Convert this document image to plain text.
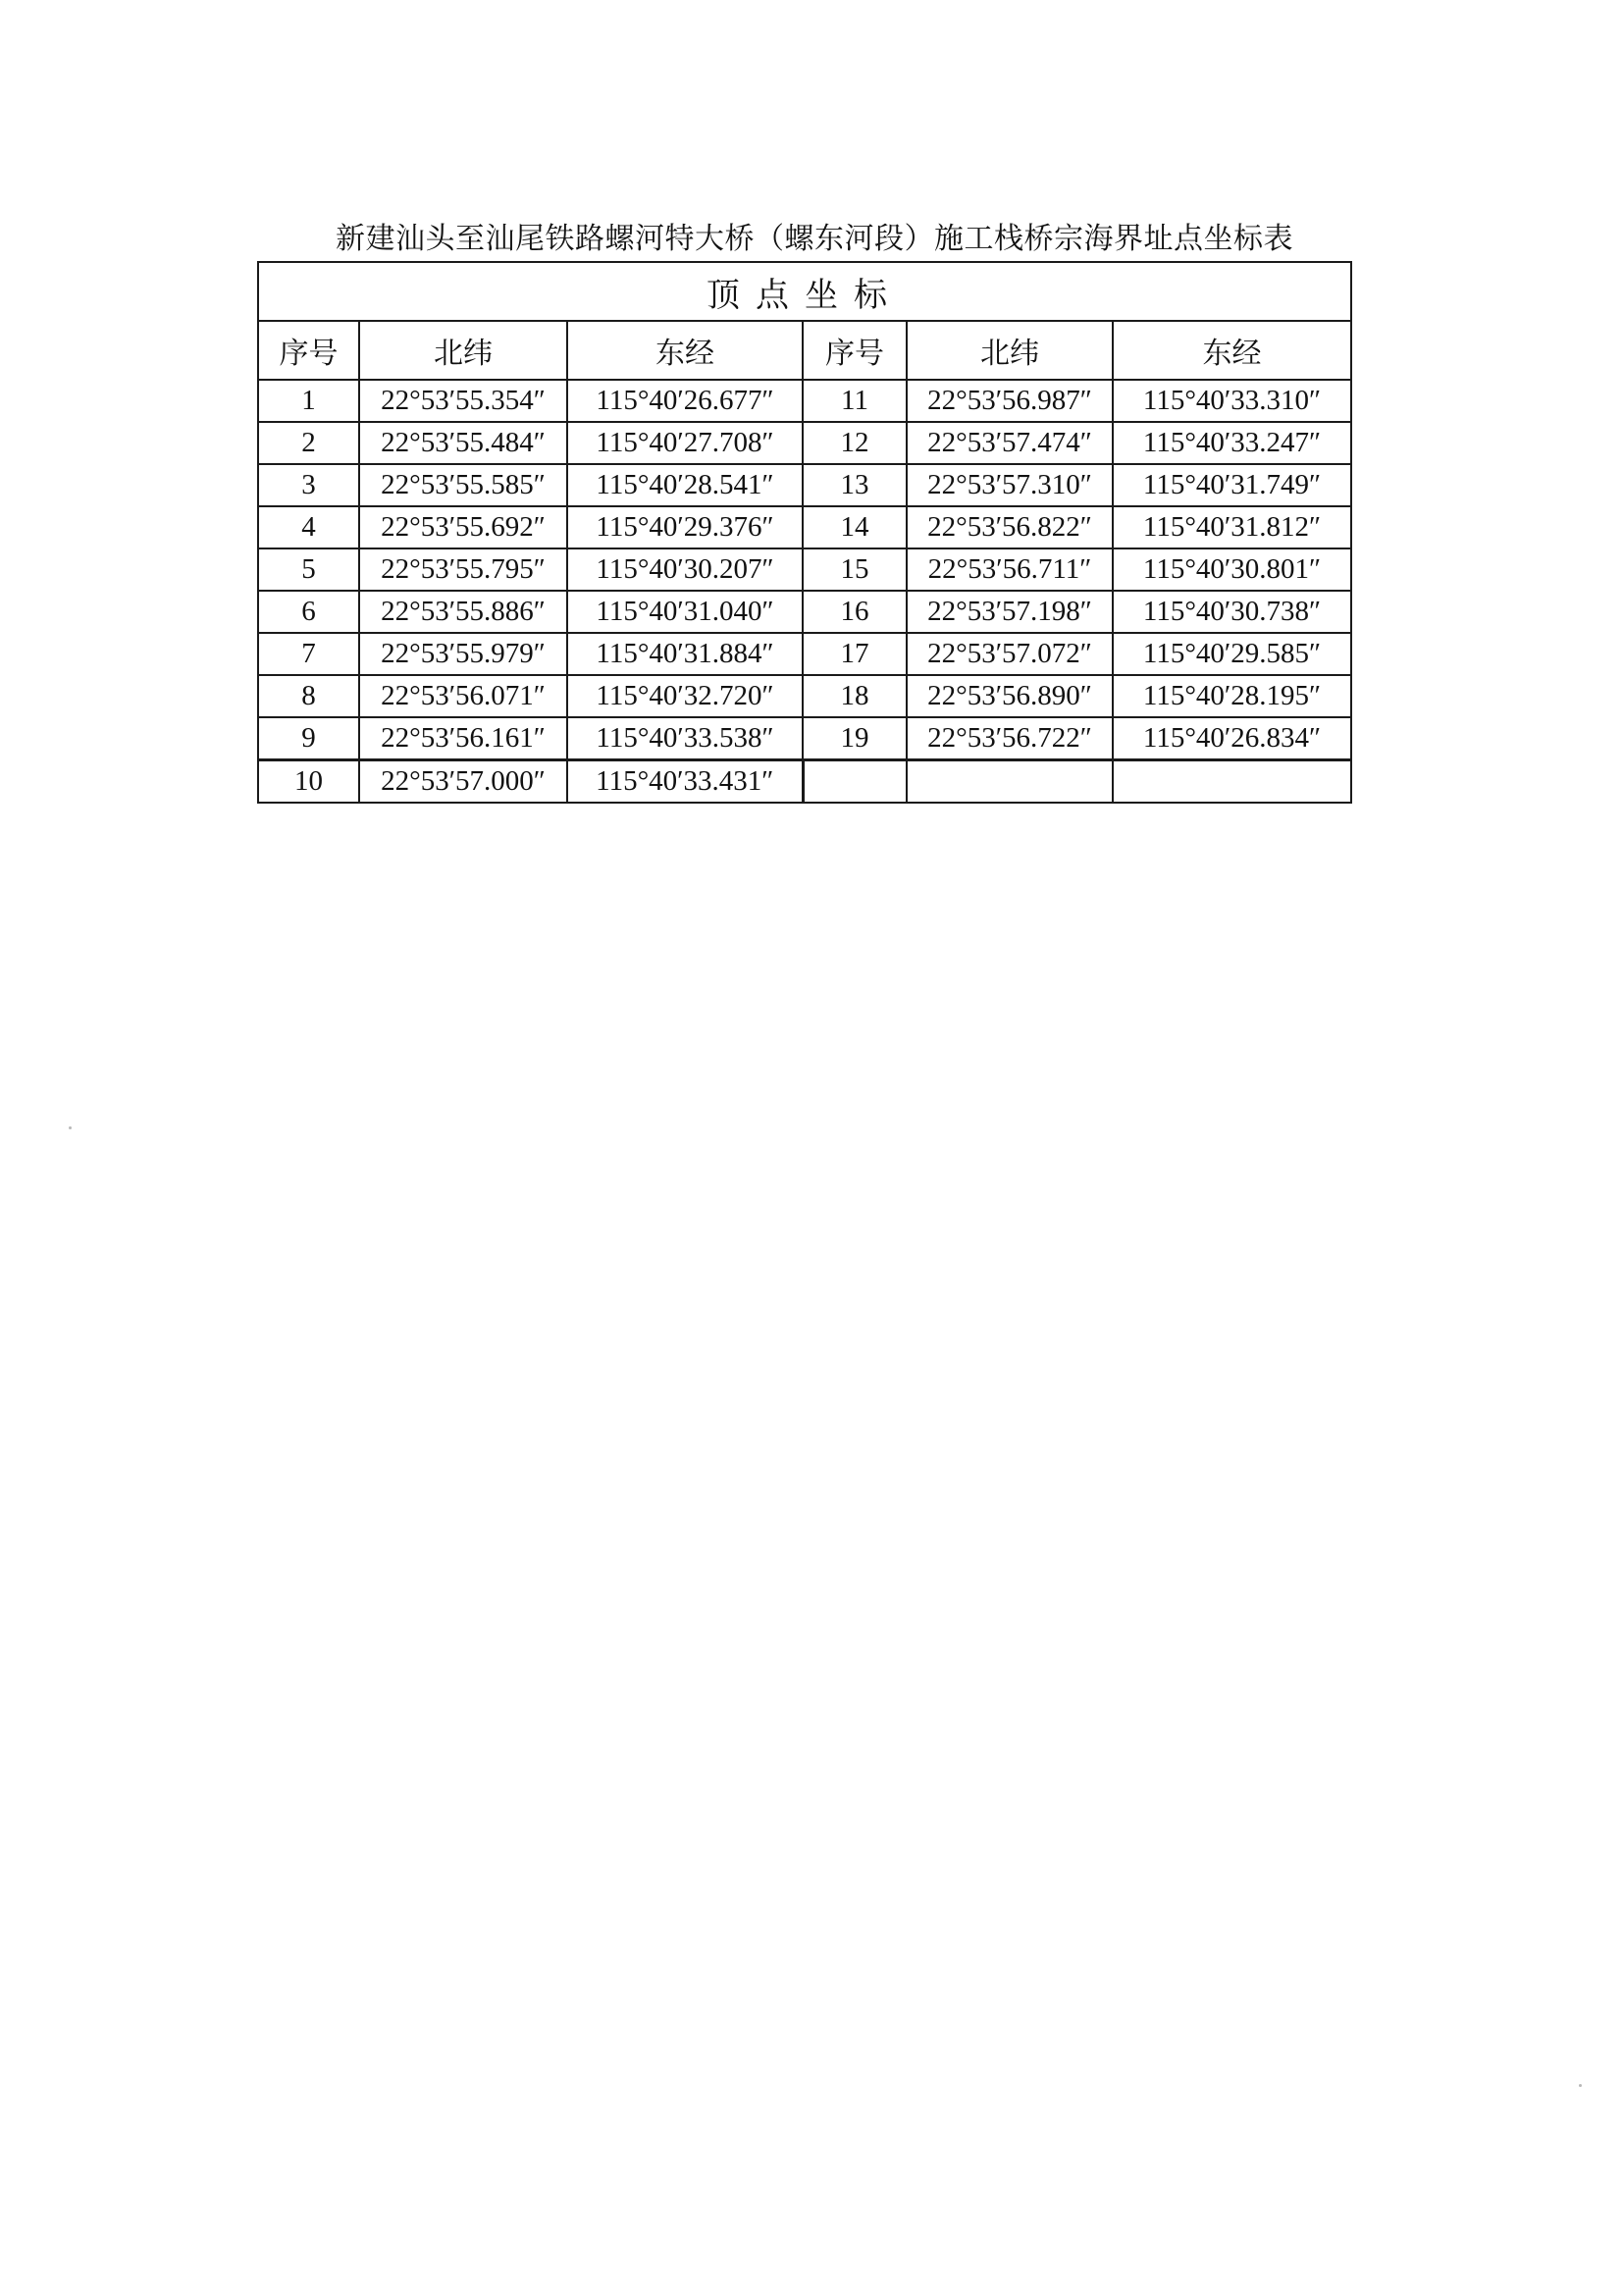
新建汕头至汕尾铁路螺河特大桥（螺东河段）施工栈桥宗海界址点坐标表
顶点坐标					
序号	北纬	东经	序号	北纬	东经
1	22°53′55.354″	115°40′26.677″	11	22°53′56.987″	115°40′33.310″
2	22°53′55.484″	115°40′27.708″	12	22°53′57.474″	115°40′33.247″
3	22°53′55.585″	115°40′28.541″	13	22°53′57.310″	115°40′31.749″
4	22°53′55.692″	115°40′29.376″	14	22°53′56.822″	115°40′31.812″
5	22°53′55.795″	115°40′30.207″	15	22°53′56.711″	115°40′30.801″
6	22°53′55.886″	115°40′31.040″	16	22°53′57.198″	115°40′30.738″
7	22°53′55.979″	115°40′31.884″	17	22°53′57.072″	115°40′29.585″
8	22°53′56.071″	115°40′32.720″	18	22°53′56.890″	115°40′28.195″
9	22°53′56.161″	115°40′33.538″	19	22°53′56.722″	115°40′26.834″
10	22°53′57.000″	115°40′33.431″			
